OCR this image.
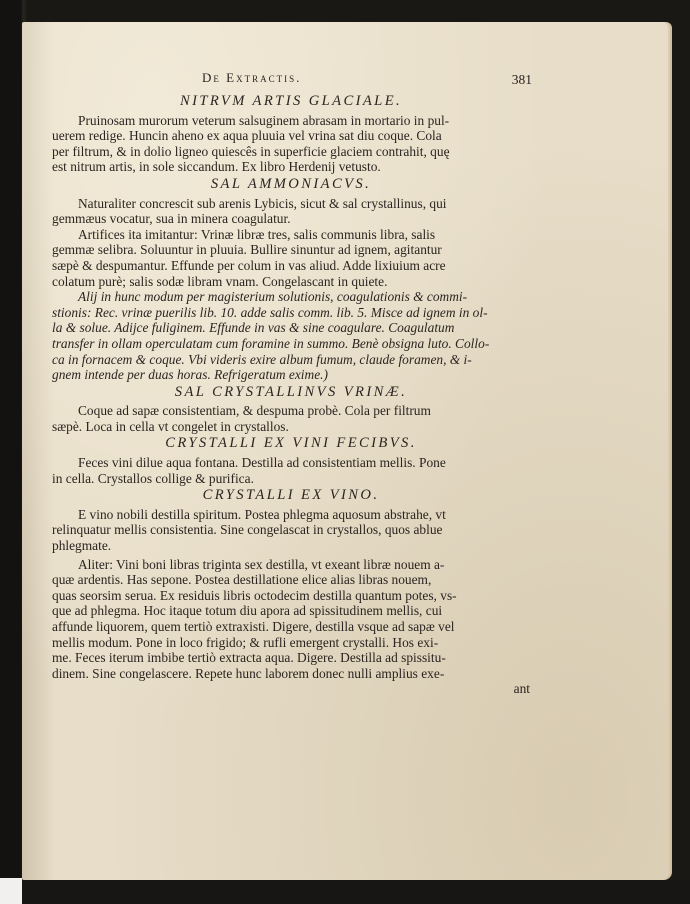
De Extractis.	381
NITRVM ARTIS GLACIALE.
Pruinosam murorum veterum salsuginem abrasam in mortario in pul-
uerem redige. Huncin aheno ex aqua pluuia vel vrina sat diu coque. Cola
per filtrum, & in dolio ligneo quiescês in superficie glaciem contrahit, quę
est nitrum artis, in sole siccandum. Ex libro Herdenij vetusto.
SAL AMMONIACVS.
Naturaliter concrescit sub arenis Lybicis, sicut & sal crystallinus, qui
gemmæus vocatur, sua in minera coagulatur.
Artifices ita imitantur: Vrinæ libræ tres, salis communis libra, salis
gemmæ selibra. Soluuntur in pluuia. Bullire sinuntur ad ignem, agitantur
sæpè & despumantur. Effunde per colum in vas aliud. Adde lixiuium acre
colatum purè; salis sodæ libram vnam. Congelascant in quiete.
Alij in hunc modum per magisterium solutionis, coagulationis & commi-
stionis: Rec. vrinæ puerilis lib. 10. adde salis comm. lib. 5. Misce ad ignem in ol-
la & solue. Adijce fuliginem. Effunde in vas & sine coagulare. Coagulatum
transfer in ollam operculatam cum foramine in summo. Benè obsigna luto. Collo-
ca in fornacem & coque. Vbi videris exire album fumum, claude foramen, & i-
gnem intende per duas horas. Refrigeratum exime.)
SAL CRYSTALLINVS VRINÆ.
Coque ad sapæ consistentiam, & despuma probè. Cola per filtrum
sæpè. Loca in cella vt congelet in crystallos.
CRYSTALLI EX VINI FECIBVS.
Feces vini dilue aqua fontana. Destilla ad consistentiam mellis. Pone
in cella. Crystallos collige & purifica.
CRYSTALLI EX VINO.
E vino nobili destilla spiritum. Postea phlegma aquosum abstrahe, vt
relinquatur mellis consistentia. Sine congelascat in crystallos, quos ablue
phlegmate.
Aliter: Vini boni libras triginta sex destilla, vt exeant libræ nouem a-
quæ ardentis. Has sepone. Postea destillatione elice alias libras nouem,
quas seorsim serua. Ex residuis libris octodecim destilla quantum potes, vs-
que ad phlegma. Hoc itaque totum diu apora ad spissitudinem mellis, cui
affunde liquorem, quem tertiò extraxisti. Digere, destilla vsque ad sapæ vel
mellis modum. Pone in loco frigido; & rufli emergent crystalli. Hos exi-
me. Feces iterum imbibe tertiò extracta aqua. Digere. Destilla ad spissitu-
dinem. Sine congelascere. Repete hunc laborem donec nulli amplius exe-
ant
